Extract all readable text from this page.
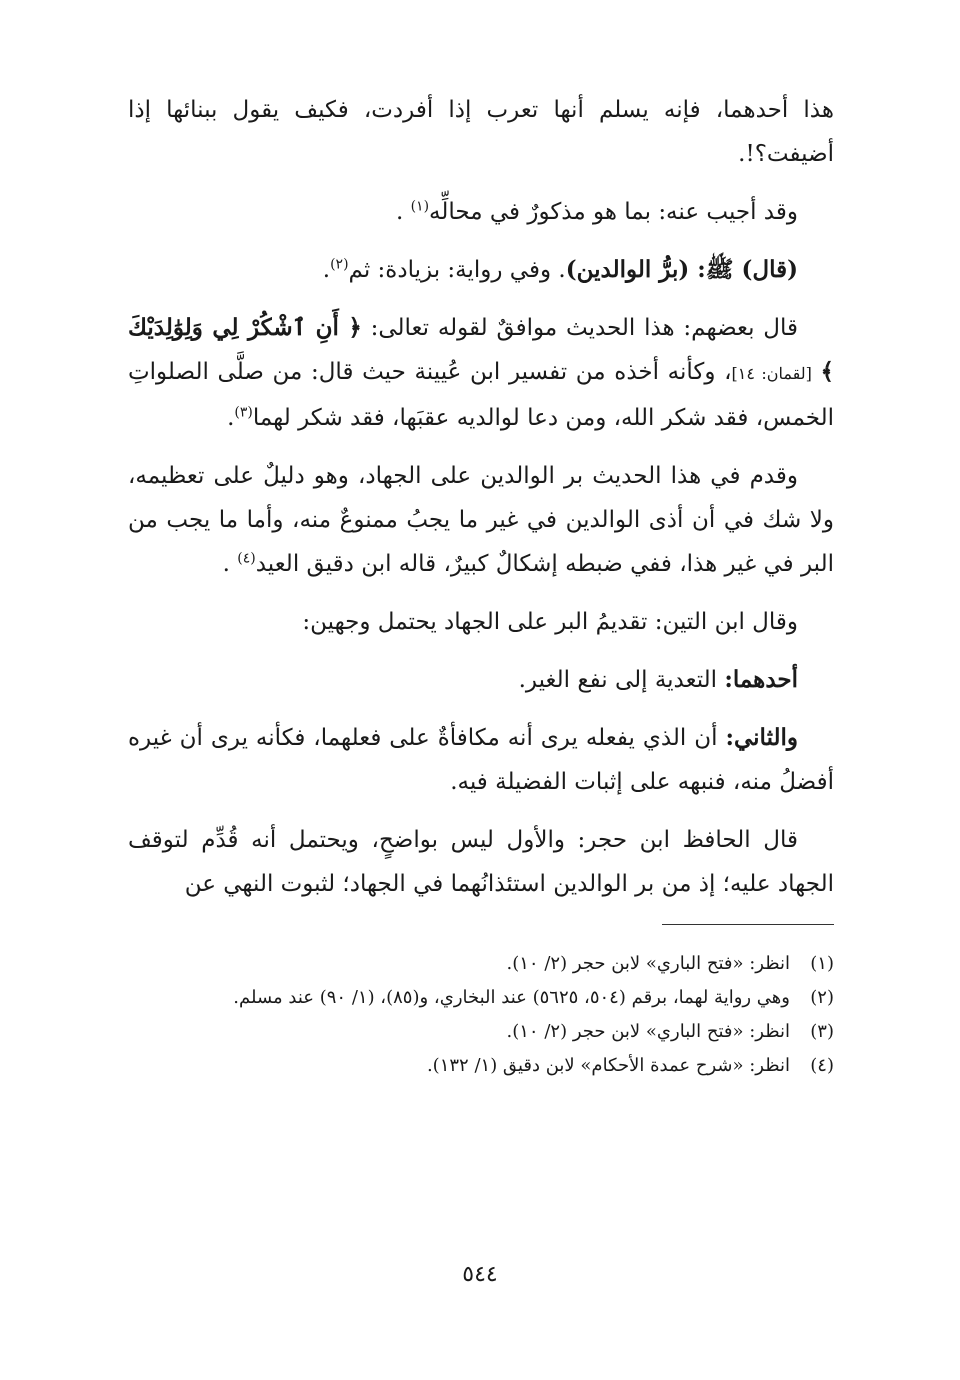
هذا أحدهما، فإنه يسلم أنها تعرب إذا أفردت، فكيف يقول ببنائها إذا أضيفت؟!.

وقد أجيب عنه: بما هو مذكورٌ في محالِّه$^{(١)}$ .

(قال) ﷺ: (برُّ الوالدين). وفي رواية: بزيادة: ثم$^{(٢)}$.

قال بعضهم: هذا الحديث موافقٌ لقوله تعالى: ﴿ أَنِ ٱشْكُرْ لِي وَلِوَٰلِدَيْكَ ﴾ [لقمان: ١٤]، وكأنه أخذه من تفسير ابن عُيينة حيث قال: من صلَّى الصلواتِ الخمس، فقد شكر الله، ومن دعا لوالديه عقبَها، فقد شكر لهما$^{(٣)}$.

وقدم في هذا الحديث بر الوالدين على الجهاد، وهو دليلٌ على تعظيمه، ولا شك في أن أذى الوالدين في غير ما يجبُ ممنوعٌ منه، وأما ما يجب من البر في غير هذا، ففي ضبطه إشكالٌ كبيرٌ، قاله ابن دقيق العيد$^{(٤)}$ .

وقال ابن التين: تقديمُ البر على الجهاد يحتمل وجهين:

أحدهما: التعدية إلى نفع الغير.

والثاني: أن الذي يفعله يرى أنه مكافأةٌ على فعلهما، فكأنه يرى أن غيره أفضلُ منه، فنبهه على إثبات الفضيلة فيه.

قال الحافظ ابن حجر: والأول ليس بواضحٍ، ويحتمل أنه قُدِّم لتوقف الجهاد عليه؛ إذ من بر الوالدين استئذانُهما في الجهاد؛ لثبوت النهي عن

(١)
انظر: «فتح الباري» لابن حجر (٢/ ١٠).
(٢)
وهي رواية لهما، برقم (٥٠٤، ٥٦٢٥) عند البخاري، و(٨٥)، (١/ ٩٠) عند مسلم.
(٣)
انظر: «فتح الباري» لابن حجر (٢/ ١٠).
(٤)
انظر: «شرح عمدة الأحكام» لابن دقيق (١/ ١٣٢).
٥٤٤
